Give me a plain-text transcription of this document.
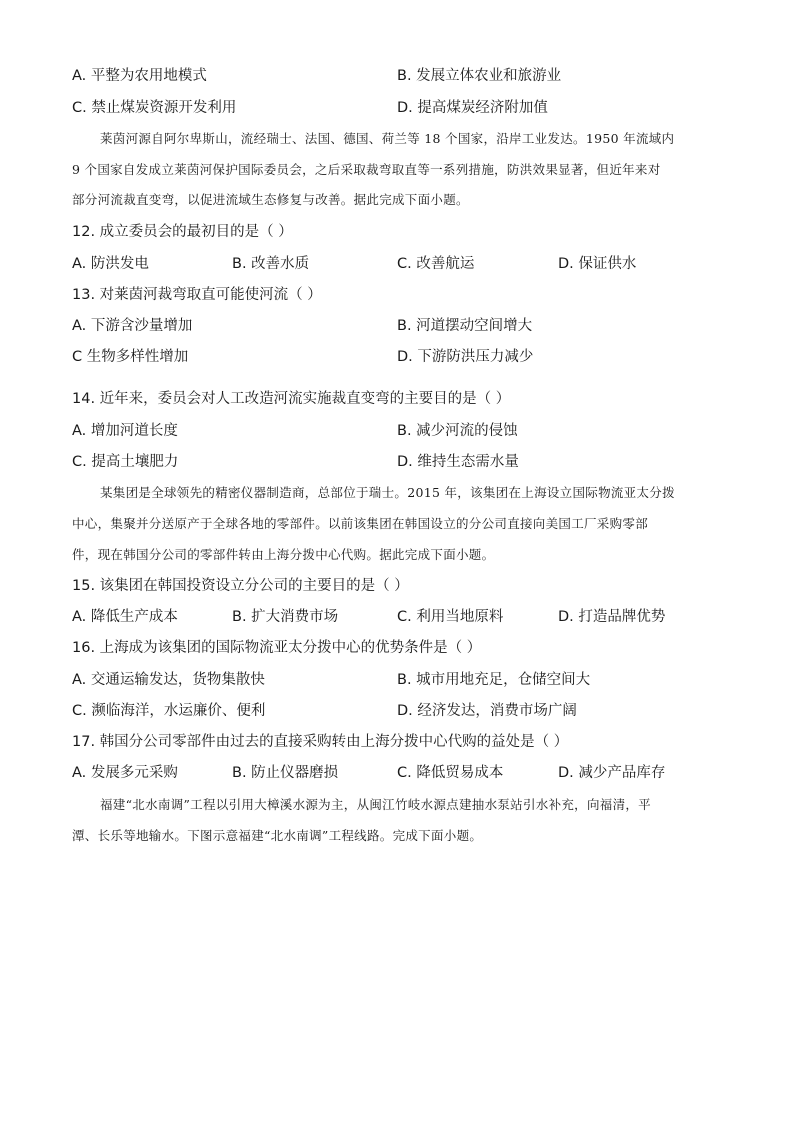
A. 平整为农用地模式	B. 发展立体农业和旅游业
C. 禁止煤炭资源开发利用	D. 提高煤炭经济附加值
莱茵河源自阿尔卑斯山，流经瑞士、法国、德国、荷兰等 18 个国家，沿岸工业发达。1950 年流域内
9 个国家自发成立莱茵河保护国际委员会，之后采取裁弯取直等一系列措施，防洪效果显著，但近年来对
部分河流裁直变弯，以促进流域生态修复与改善。据此完成下面小题。
12. 成立委员会的最初目的是（ ）
A. 防洪发电	B. 改善水质	C. 改善航运	D. 保证供水
13. 对莱茵河裁弯取直可能使河流（ ）
A. 下游含沙量增加	B. 河道摆动空间增大
C 生物多样性增加	D. 下游防洪压力减少
14. 近年来，委员会对人工改造河流实施裁直变弯的主要目的是（ ）
A. 增加河道长度	B. 减少河流的侵蚀
C. 提高土壤肥力	D. 维持生态需水量
某集团是全球领先的精密仪器制造商，总部位于瑞士。2015 年，该集团在上海设立国际物流亚太分拨
中心，集聚并分送原产于全球各地的零部件。以前该集团在韩国设立的分公司直接向美国工厂采购零部
件，现在韩国分公司的零部件转由上海分拨中心代购。据此完成下面小题。
15. 该集团在韩国投资设立分公司的主要目的是（ ）
A. 降低生产成本	B. 扩大消费市场	C. 利用当地原料	D. 打造品牌优势
16. 上海成为该集团的国际物流亚太分拨中心的优势条件是（ ）
A. 交通运输发达，货物集散快	B. 城市用地充足，仓储空间大
C. 濒临海洋，水运廉价、便利	D. 经济发达，消费市场广阔
17. 韩国分公司零部件由过去的直接采购转由上海分拨中心代购的益处是（ ）
A. 发展多元采购	B. 防止仪器磨损	C. 降低贸易成本	D. 减少产品库存
福建“北水南调”工程以引用大樟溪水源为主，从闽江竹岐水源点建抽水泵站引水补充，向福清，平
潭、长乐等地输水。下图示意福建“北水南调”工程线路。完成下面小题。
